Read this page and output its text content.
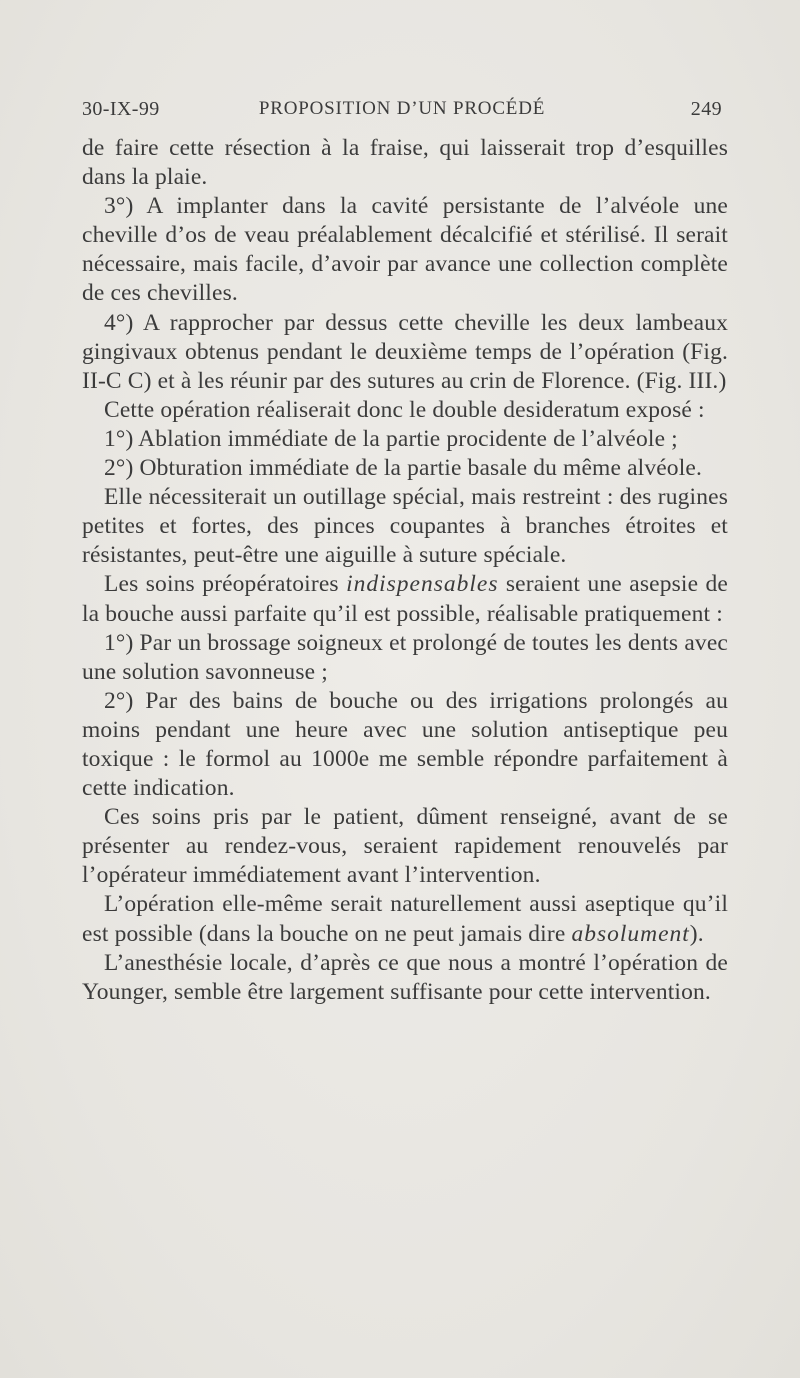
30-IX-99	PROPOSITION D’UN PROCÉDÉ	249

de faire cette résection à la fraise, qui laisserait trop d’esquilles dans la plaie.

3°) A implanter dans la cavité persistante de l’alvéole une cheville d’os de veau préalablement décalcifié et stérilisé. Il serait nécessaire, mais facile, d’avoir par avance une collection complète de ces chevilles.

4°) A rapprocher par dessus cette cheville les deux lambeaux gingivaux obtenus pendant le deuxième temps de l’opération (Fig. II-C C) et à les réunir par des sutures au crin de Florence. (Fig. III.)

Cette opération réaliserait donc le double desideratum exposé :

1°) Ablation immédiate de la partie procidente de l’alvéole ;

2°) Obturation immédiate de la partie basale du même alvéole.

Elle nécessiterait un outillage spécial, mais restreint : des rugines petites et fortes, des pinces coupantes à branches étroites et résistantes, peut-être une aiguille à suture spéciale.

Les soins préopératoires indispensables seraient une asepsie de la bouche aussi parfaite qu’il est possible, réalisable pratiquement :

1°) Par un brossage soigneux et prolongé de toutes les dents avec une solution savonneuse ;

2°) Par des bains de bouche ou des irrigations prolongés au moins pendant une heure avec une solution antiseptique peu toxique : le formol au 1000e me semble répondre parfaitement à cette indication.

Ces soins pris par le patient, dûment renseigné, avant de se présenter au rendez-vous, seraient rapidement renouvelés par l’opérateur immédiatement avant l’intervention.

L’opération elle-même serait naturellement aussi aseptique qu’il est possible (dans la bouche on ne peut jamais dire absolument).

L’anesthésie locale, d’après ce que nous a montré l’opération de Younger, semble être largement suffisante pour cette intervention.
